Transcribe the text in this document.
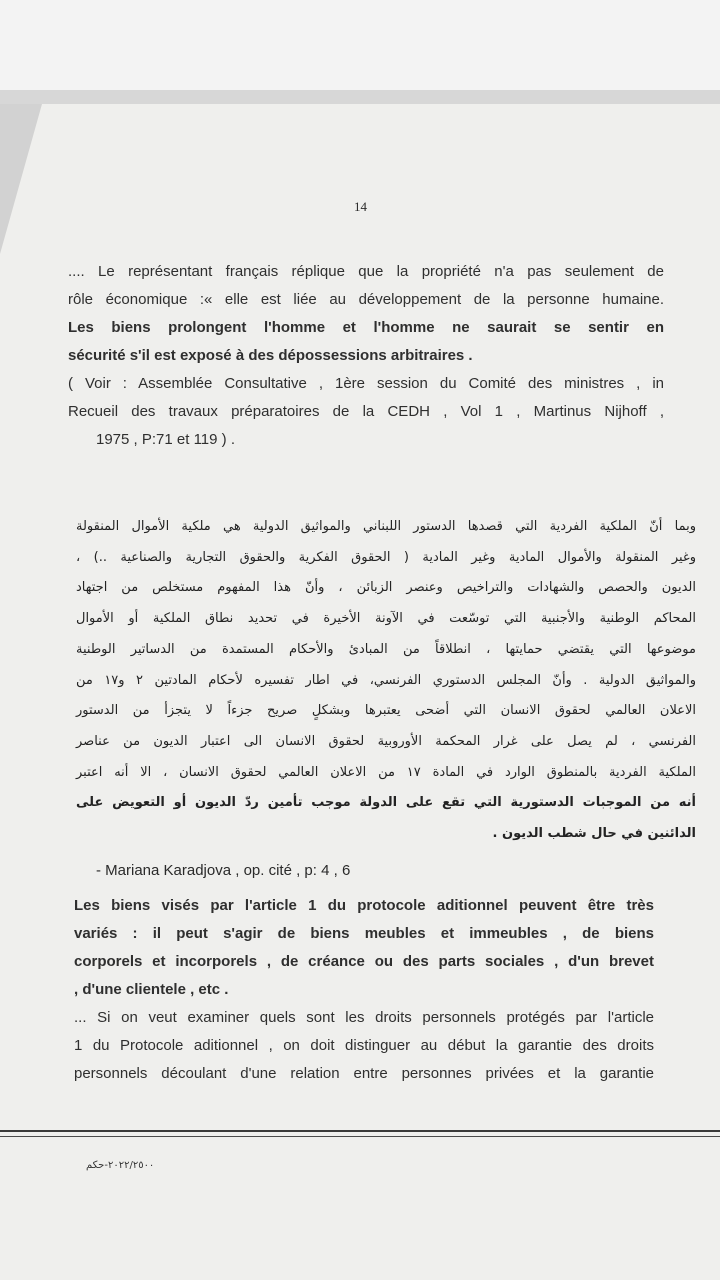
14

.... Le représentant français réplique que la propriété n'a pas seulement de

rôle économique :« elle est liée au développement de la personne humaine.

Les biens prolongent l'homme et l'homme ne saurait se sentir en

sécurité s'il est exposé à des dépossessions arbitraires .

( Voir : Assemblée Consultative , 1ère session du Comité des ministres , in

Recueil des travaux préparatoires de la CEDH , Vol 1 , Martinus Nijhoff ,

1975 , P:71 et 119 ) .

وبما أنّ الملكية الفردية التي قصدها الدستور اللبناني والمواثيق الدولية هي ملكية الأموال المنقولة

وغير المنقولة والأموال المادية وغير المادية ( الحقوق الفكرية والحقوق التجارية والصناعية ..) ،

الديون والحصص والشهادات والتراخيص وعنصر الزبائن ، وأنّ هذا المفهوم مستخلص من اجتهاد

المحاكم الوطنية والأجنبية التي توسّعت في الآونة الأخيرة في تحديد نطاق الملكية أو الأموال

موضوعها التي يقتضي حمايتها ، انطلاقاً من المبادئ والأحكام المستمدة من الدساتير الوطنية

والمواثيق الدولية . وأنّ المجلس الدستوري الفرنسي، في اطار تفسيره لأحكام المادتين ٢ و١٧ من

الاعلان العالمي لحقوق الانسان التي أضحى يعتبرها وبشكلٍ صريح جزءاً لا يتجزأ من الدستور

الفرنسي ، لم يصل على غرار المحكمة الأوروبية لحقوق الانسان الى اعتبار الديون من عناصر

الملكية الفردية بالمنطوق الوارد في المادة ١٧ من الاعلان العالمي لحقوق الانسان ، الا أنه اعتبر

أنه من الموجبات الدستورية التي تقع على الدولة موجب تأمين ردّ الديون أو التعويض على

الدائنين في حال شطب الديون .

- Mariana Karadjova , op. cité , p: 4 , 6

Les biens visés par l'article 1 du protocole aditionnel peuvent être très

variés : il peut s'agir de biens meubles et immeubles , de biens

corporels et incorporels , de créance ou des parts sociales , d'un brevet

, d'une clientele , etc .

... Si on veut examiner quels sont les droits personnels protégés par l'article

1 du Protocole aditionnel , on doit distinguer au début la garantie des droits

personnels découlant d'une relation entre personnes privées et la garantie

٢٠٢٢/٢٥٠٠-حكم
